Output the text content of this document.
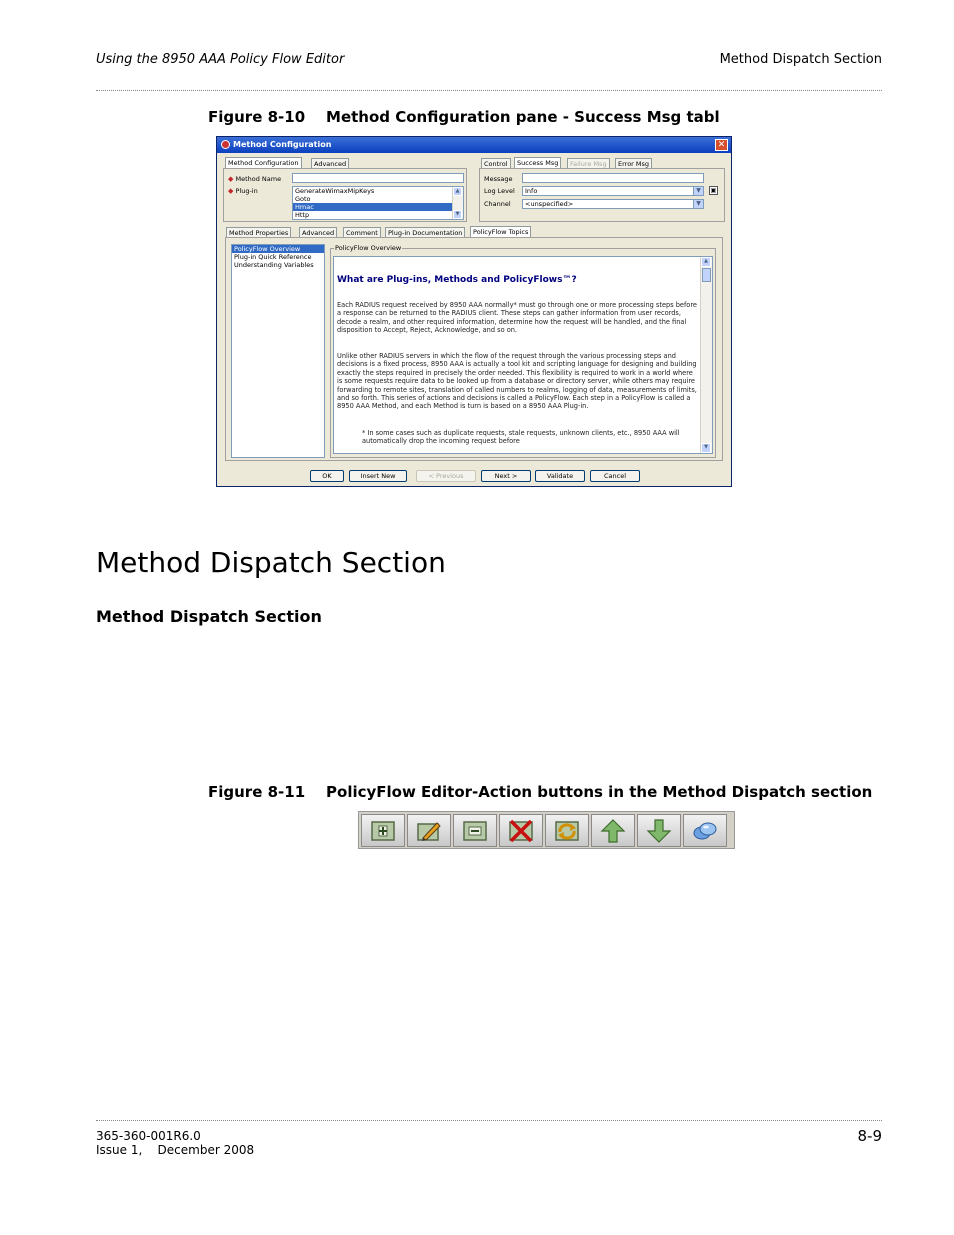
Using the 8950 AAA Policy Flow Editor	Method Dispatch Section
Figure 8-10    Method Configuration pane - Success Msg tabl
Method Configuration	✕
Method Configuration	Advanced
◆ Method Name
◆ Plug-in	GenerateWimaxMipKeys
Goto
Hmac
Http
▲
▼
Control	Success Msg	Failure Msg	Error Msg
Message
Log Level	Info	▼	▣
Channel	<unspecified>	▼
Method Properties	Advanced	Comment	Plug-in Documentation	PolicyFlow Topics
PolicyFlow Overview
Plug-in Quick Reference
Understanding Variables
PolicyFlow Overview
What are Plug-ins, Methods and PolicyFlows™?
Each RADIUS request received by 8950 AAA normally* must go through one or more processing steps before a response can be returned to the RADIUS client. These steps can gather information from user records, decode a realm, and other required information, determine how the request will be handled, and the final disposition to Accept, Reject, Acknowledge, and so on.
Unlike other RADIUS servers in which the flow of the request through the various processing steps and decisions is a fixed process, 8950 AAA is actually a tool kit and scripting language for designing and building exactly the steps required in precisely the order needed. This flexibility is required to work in a world where is some requests require data to be looked up from a database or directory server, while others may require forwarding to remote sites, translation of called numbers to realms, logging of data, measurements of limits, and so forth. This series of actions and decisions is called a PolicyFlow. Each step in a PolicyFlow is called a 8950 AAA Method, and each Method is turn is based on a 8950 AAA Plug-in.
* In some cases such as duplicate requests, stale requests, unknown clients, etc., 8950 AAA will automatically drop the incoming request before
▲
▼
OK	Insert New	< Previous	Next >	Validate	Cancel
Method Dispatch Section
Method Dispatch Section
Figure 8-11    PolicyFlow Editor-Action buttons in the Method Dispatch section
365-360-001R6.0
Issue 1,    December 2008
8-9
